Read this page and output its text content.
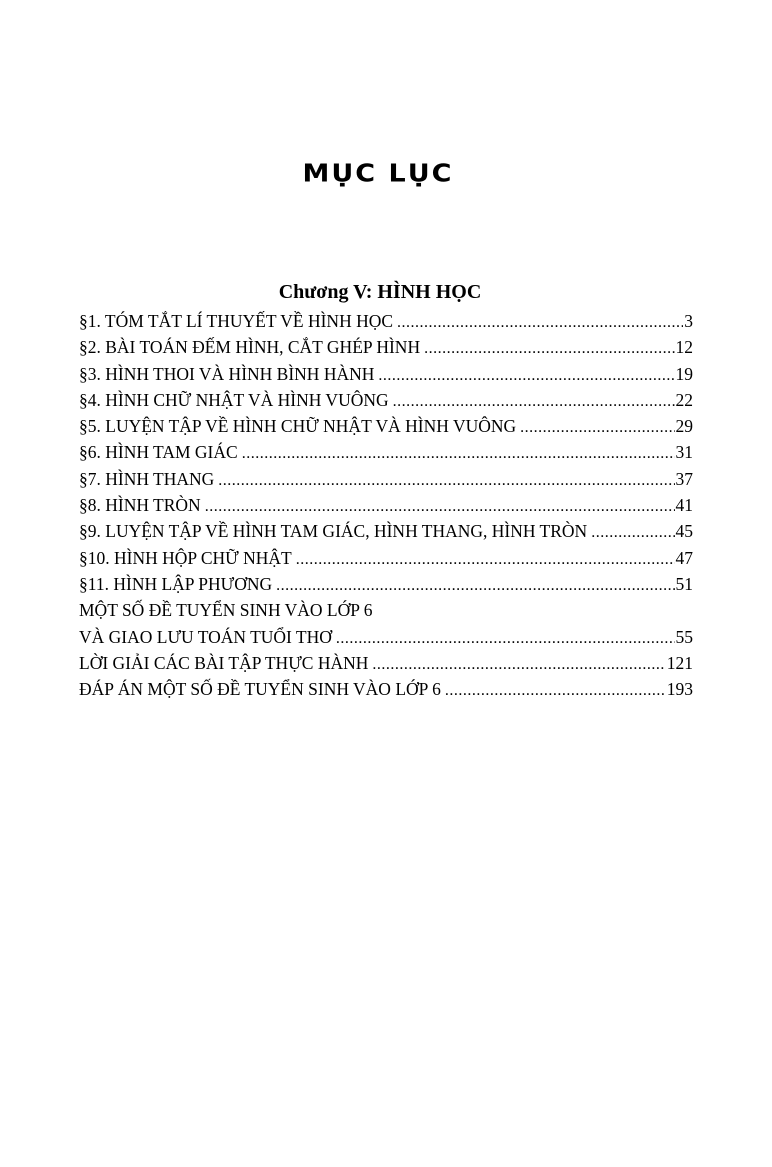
MỤC LỤC
Chương V: HÌNH HỌC
§1. TÓM TẮT LÍ THUYẾT VỀ HÌNH HỌC .....	3
§2. BÀI TOÁN ĐẾM HÌNH, CẮT GHÉP HÌNH .....	12
§3. HÌNH THOI VÀ HÌNH BÌNH HÀNH .....	19
§4. HÌNH CHỮ NHẬT VÀ HÌNH VUÔNG .....	22
§5. LUYỆN TẬP VỀ HÌNH CHỮ NHẬT VÀ HÌNH VUÔNG .....	29
§6. HÌNH TAM GIÁC .....	31
§7. HÌNH THANG .....	37
§8. HÌNH TRÒN .....	41
§9. LUYỆN TẬP VỀ HÌNH TAM GIÁC, HÌNH THANG, HÌNH TRÒN .....	45
§10. HÌNH HỘP CHỮ NHẬT .....	47
§11. HÌNH LẬP PHƯƠNG .....	51
MỘT SỐ ĐỀ TUYỂN SINH VÀO LỚP 6
VÀ GIAO LƯU TOÁN TUỔI THƠ .....	55
LỜI GIẢI CÁC BÀI TẬP THỰC HÀNH .....	121
ĐÁP ÁN MỘT SỐ ĐỀ TUYỂN SINH VÀO LỚP 6 .....	193
